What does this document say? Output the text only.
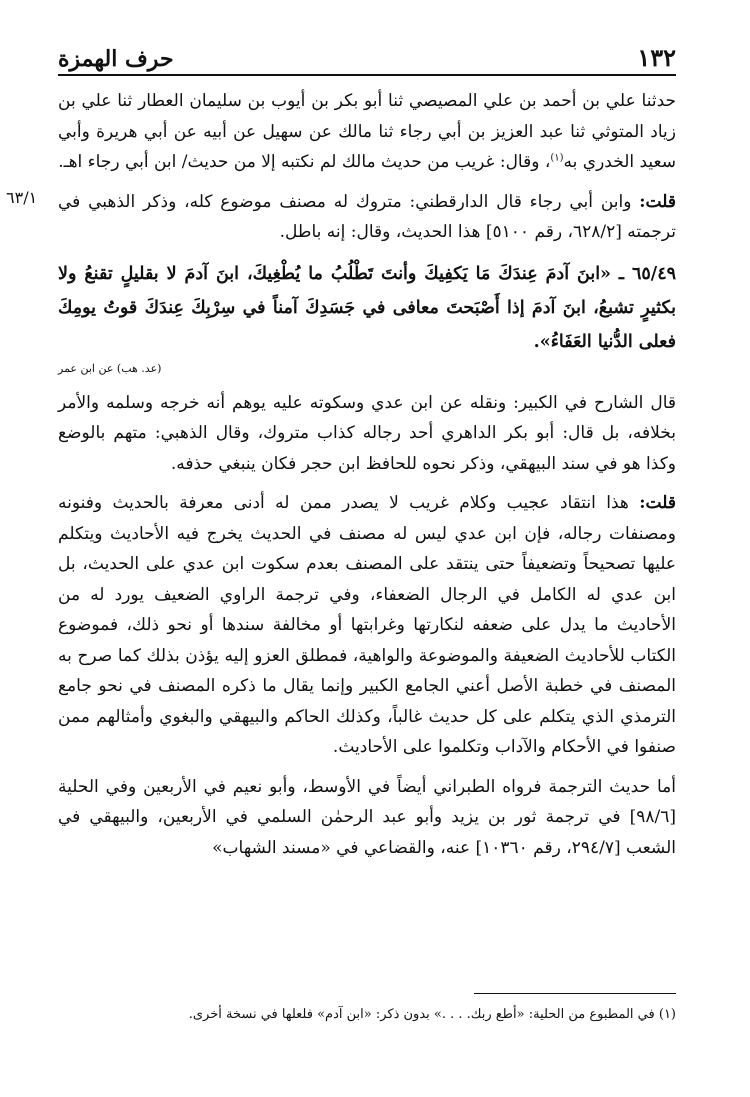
١٣٢
حرف الهمزة
٦٣/١

حدثنا علي بن أحمد بن علي المصيصي ثنا أبو بكر بن أيوب بن سليمان العطار ثنا علي بن زياد المتوثي ثنا عبد العزيز بن أبي رجاء ثنا مالك عن سهيل عن أبيه عن أبي هريرة وأبي سعيد الخدري به$^{(١)}$، وقال: غريب من حديث مالك لم نكتبه إلا من حديث/ ابن أبي رجاء اهـ.

قلت: وابن أبي رجاء قال الدارقطني: متروك له مصنف موضوع كله، وذكر الذهبي في ترجمته [٦٢٨/٢، رقم ٥١٠٠] هذا الحديث، وقال: إنه باطل.

٦٥/٤٩ ـ «ابنَ آدمَ عِندَكَ مَا يَكفِيكَ وأنتَ تَطْلُبُ ما يُطْغِيكَ، ابنَ آدمَ لا بقليلٍ تقنعُ ولا بكثيرٍ تشبعُ، ابنَ آدمَ إذا أَصْبَحتَ معافى في جَسَدِكَ آمناً في سِرْبِكَ عِندَكَ قوتُ يومِكَ فعلى الدُّنيا العَفَاءُ».

(عد. هب) عن ابن عمر

قال الشارح في الكبير: ونقله عن ابن عدي وسكوته عليه يوهم أنه خرجه وسلمه والأمر بخلافه، بل قال: أبو بكر الداهري أحد رجاله كذاب متروك، وقال الذهبي: متهم بالوضع وكذا هو في سند البيهقي، وذكر نحوه للحافظ ابن حجر فكان ينبغي حذفه.

قلت: هذا انتقاد عجيب وكلام غريب لا يصدر ممن له أدنى معرفة بالحديث وفنونه ومصنفات رجاله، فإن ابن عدي ليس له مصنف في الحديث يخرج فيه الأحاديث ويتكلم عليها تصحيحاً وتضعيفاً حتى ينتقد على المصنف بعدم سكوت ابن عدي على الحديث، بل ابن عدي له الكامل في الرجال الضعفاء، وفي ترجمة الراوي الضعيف يورد له من الأحاديث ما يدل على ضعفه لنكارتها وغرابتها أو مخالفة سندها أو نحو ذلك، فموضوع الكتاب للأحاديث الضعيفة والموضوعة والواهية، فمطلق العزو إليه يؤذن بذلك كما صرح به المصنف في خطبة الأصل أعني الجامع الكبير وإنما يقال ما ذكره المصنف في نحو جامع الترمذي الذي يتكلم على كل حديث غالباً، وكذلك الحاكم والبيهقي والبغوي وأمثالهم ممن صنفوا في الأحكام والآداب وتكلموا على الأحاديث.

أما حديث الترجمة فرواه الطبراني أيضاً في الأوسط، وأبو نعيم في الأربعين وفي الحلية [٩٨/٦] في ترجمة ثور بن يزيد وأبو عبد الرحمٰن السلمي في الأربعين، والبيهقي في الشعب [٢٩٤/٧، رقم ١٠٣٦٠] عنه، والقضاعي في «مسند الشهاب»

(١) في المطبوع من الحلية: «أطع ربك. . . .» بدون ذكر: «ابن آدم» فلعلها في نسخة أخرى.
